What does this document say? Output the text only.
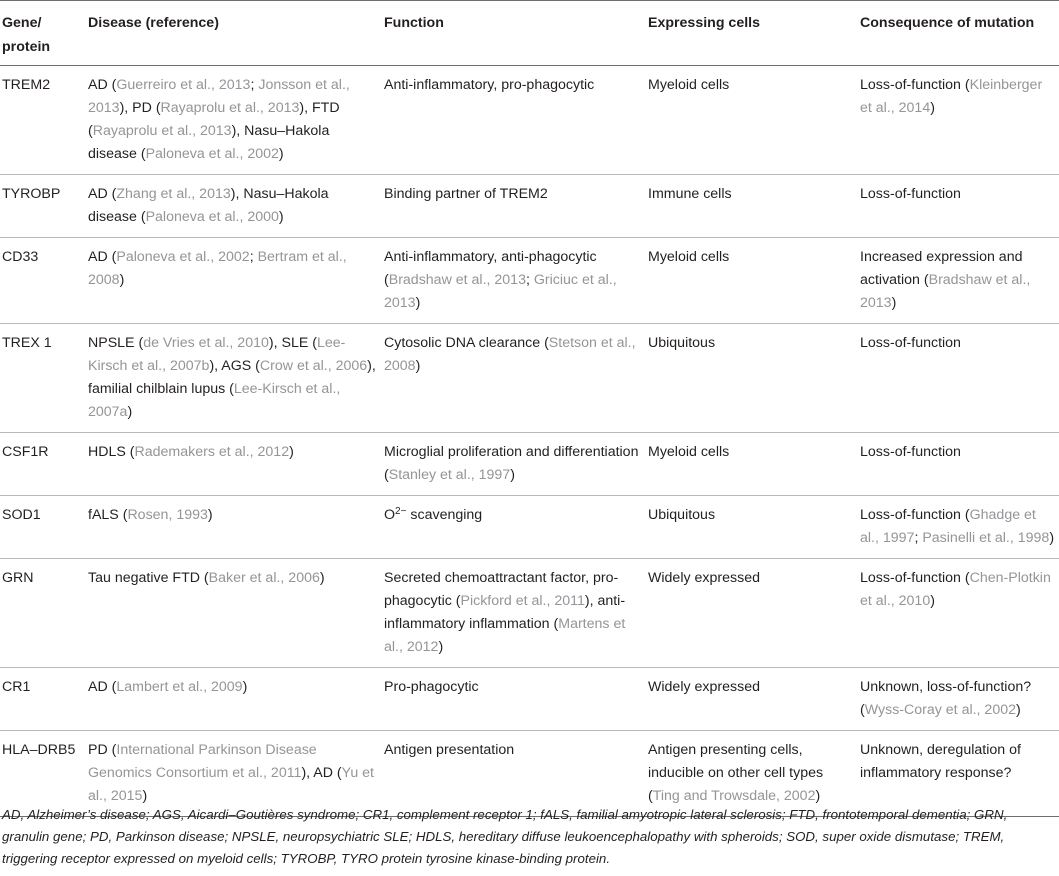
Gene/ protein	Disease (reference)	Function	Expressing cells	Consequence of mutation
TREM2	AD (Guerreiro et al., 2013; Jonsson et al., 2013), PD (Rayaprolu et al., 2013), FTD (Rayaprolu et al., 2013), Nasu–Hakola disease (Paloneva et al., 2002)	Anti-inflammatory, pro-phagocytic	Myeloid cells	Loss-of-function (Kleinberger et al., 2014)
TYROBP	AD (Zhang et al., 2013), Nasu–Hakola disease (Paloneva et al., 2000)	Binding partner of TREM2	Immune cells	Loss-of-function
CD33	AD (Paloneva et al., 2002; Bertram et al., 2008)	Anti-inflammatory, anti-phagocytic (Bradshaw et al., 2013; Griciuc et al., 2013)	Myeloid cells	Increased expression and activation (Bradshaw et al., 2013)
TREX 1	NPSLE (de Vries et al., 2010), SLE (Lee-Kirsch et al., 2007b), AGS (Crow et al., 2006), familial chilblain lupus (Lee-Kirsch et al., 2007a)	Cytosolic DNA clearance (Stetson et al., 2008)	Ubiquitous	Loss-of-function
CSF1R	HDLS (Rademakers et al., 2012)	Microglial proliferation and differentiation (Stanley et al., 1997)	Myeloid cells	Loss-of-function
SOD1	fALS (Rosen, 1993)	$O^{2-}$ scavenging	Ubiquitous	Loss-of-function (Ghadge et al., 1997; Pasinelli et al., 1998)
GRN	Tau negative FTD (Baker et al., 2006)	Secreted chemoattractant factor, pro-phagocytic (Pickford et al., 2011), anti-inflammatory inflammation (Martens et al., 2012)	Widely expressed	Loss-of-function (Chen-Plotkin et al., 2010)
CR1	AD (Lambert et al., 2009)	Pro-phagocytic	Widely expressed	Unknown, loss-of-function? (Wyss-Coray et al., 2002)
HLA–DRB5	PD (International Parkinson Disease Genomics Consortium et al., 2011), AD (Yu et al., 2015)	Antigen presentation	Antigen presenting cells, inducible on other cell types (Ting and Trowsdale, 2002)	Unknown, deregulation of inflammatory response?
AD, Alzheimer’s disease; AGS, Aicardi–Goutières syndrome; CR1, complement receptor 1; fALS, familial amyotropic lateral sclerosis; FTD, frontotemporal dementia; GRN, granulin gene; PD, Parkinson disease; NPSLE, neuropsychiatric SLE; HDLS, hereditary diffuse leukoencephalopathy with spheroids; SOD, super oxide dismutase; TREM, triggering receptor expressed on myeloid cells; TYROBP, TYRO protein tyrosine kinase-binding protein.
